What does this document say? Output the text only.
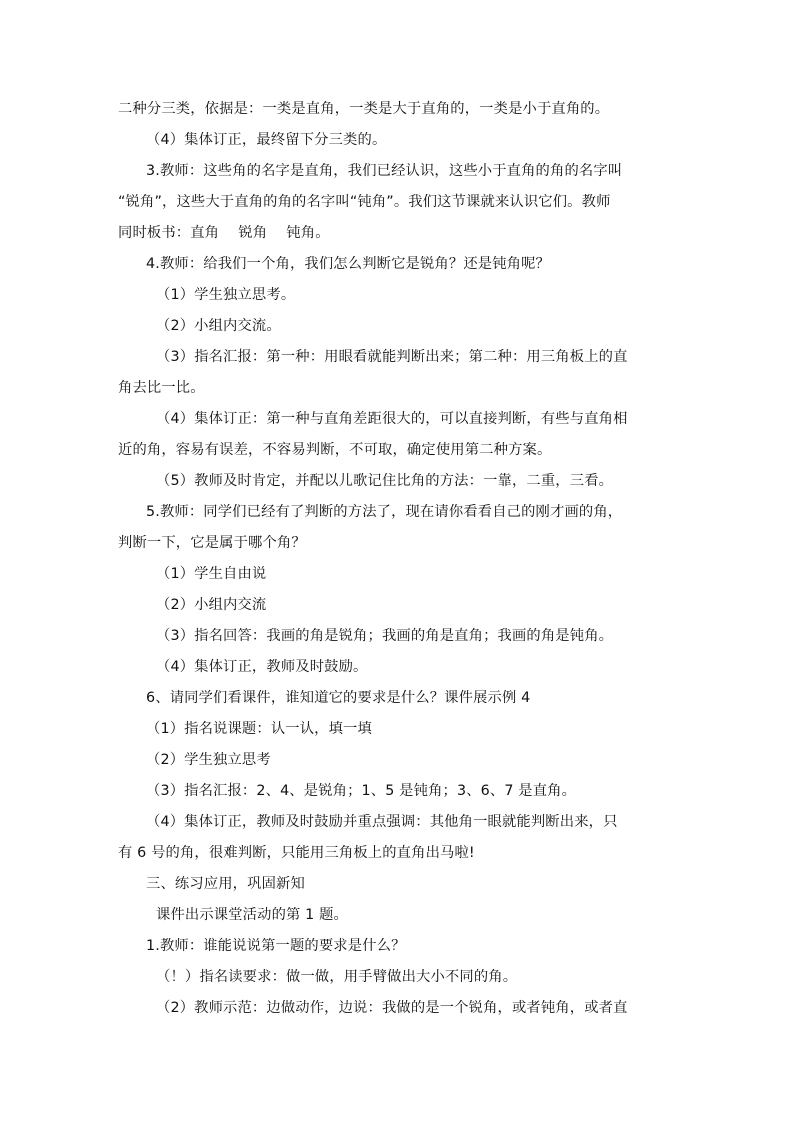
二种分三类，依据是：一类是直角，一类是大于直角的，一类是小于直角的。
（4）集体订正，最终留下分三类的。
3.教师：这些角的名字是直角，我们已经认识，这些小于直角的角的名字叫
“锐角”，这些大于直角的角的名字叫“钝角”。我们这节课就来认识它们。教师
同时板书：直角　 锐角　 钝角。
4.教师：给我们一个角，我们怎么判断它是锐角？还是钝角呢？
（1）学生独立思考。
（2）小组内交流。
（3）指名汇报：第一种：用眼看就能判断出来；第二种：用三角板上的直
角去比一比。
（4）集体订正：第一种与直角差距很大的，可以直接判断，有些与直角相
近的角，容易有误差，不容易判断，不可取，确定使用第二种方案。
（5）教师及时肯定，并配以儿歌记住比角的方法：一靠，二重，三看。
5.教师：同学们已经有了判断的方法了，现在请你看看自己的刚才画的角，
判断一下，它是属于哪个角？
（1）学生自由说
（2）小组内交流
（3）指名回答：我画的角是锐角；我画的角是直角；我画的角是钝角。
（4）集体订正，教师及时鼓励。
6、请同学们看课件，谁知道它的要求是什么？课件展示例 4
（1）指名说课题：认一认，填一填
（2）学生独立思考
（3）指名汇报：2、4、是锐角；1、5 是钝角；3、6、7 是直角。
（4）集体订正，教师及时鼓励并重点强调：其他角一眼就能判断出来，只
有 6 号的角，很难判断，只能用三角板上的直角出马啦!
三、练习应用，巩固新知
课件出示课堂活动的第 1 题。
1.教师：谁能说说第一题的要求是什么？
（！）指名读要求：做一做，用手臂做出大小不同的角。
（2）教师示范：边做动作，边说：我做的是一个锐角，或者钝角，或者直
